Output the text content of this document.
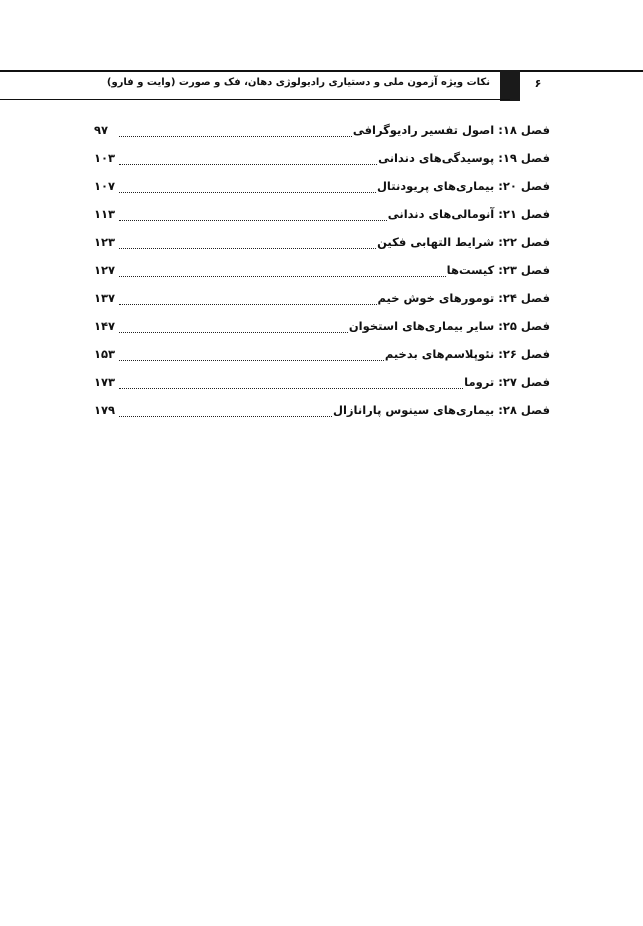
نکات ویژه آزمون ملی و دستیاری رادیولوژی دهان، فک و صورت (وایت و فارو)	۶
فصل ۱۸: اصول تفسیر رادیوگرافی
۹۷
فصل ۱۹: پوسیدگی‌های دندانی
۱۰۳
فصل ۲۰: بیماری‌های پریودنتال
۱۰۷
فصل ۲۱: آنومالی‌های دندانی
۱۱۳
فصل ۲۲: شرایط التهابی فکین
۱۲۳
فصل ۲۳: کیست‌ها
۱۲۷
فصل ۲۴: تومورهای خوش خیم
۱۳۷
فصل ۲۵: سایر بیماری‌های استخوان
۱۴۷
فصل ۲۶: نئوپلاسم‌های بدخیم
۱۵۳
فصل ۲۷: تروما
۱۷۳
فصل ۲۸: بیماری‌های سینوس پارانازال
۱۷۹
